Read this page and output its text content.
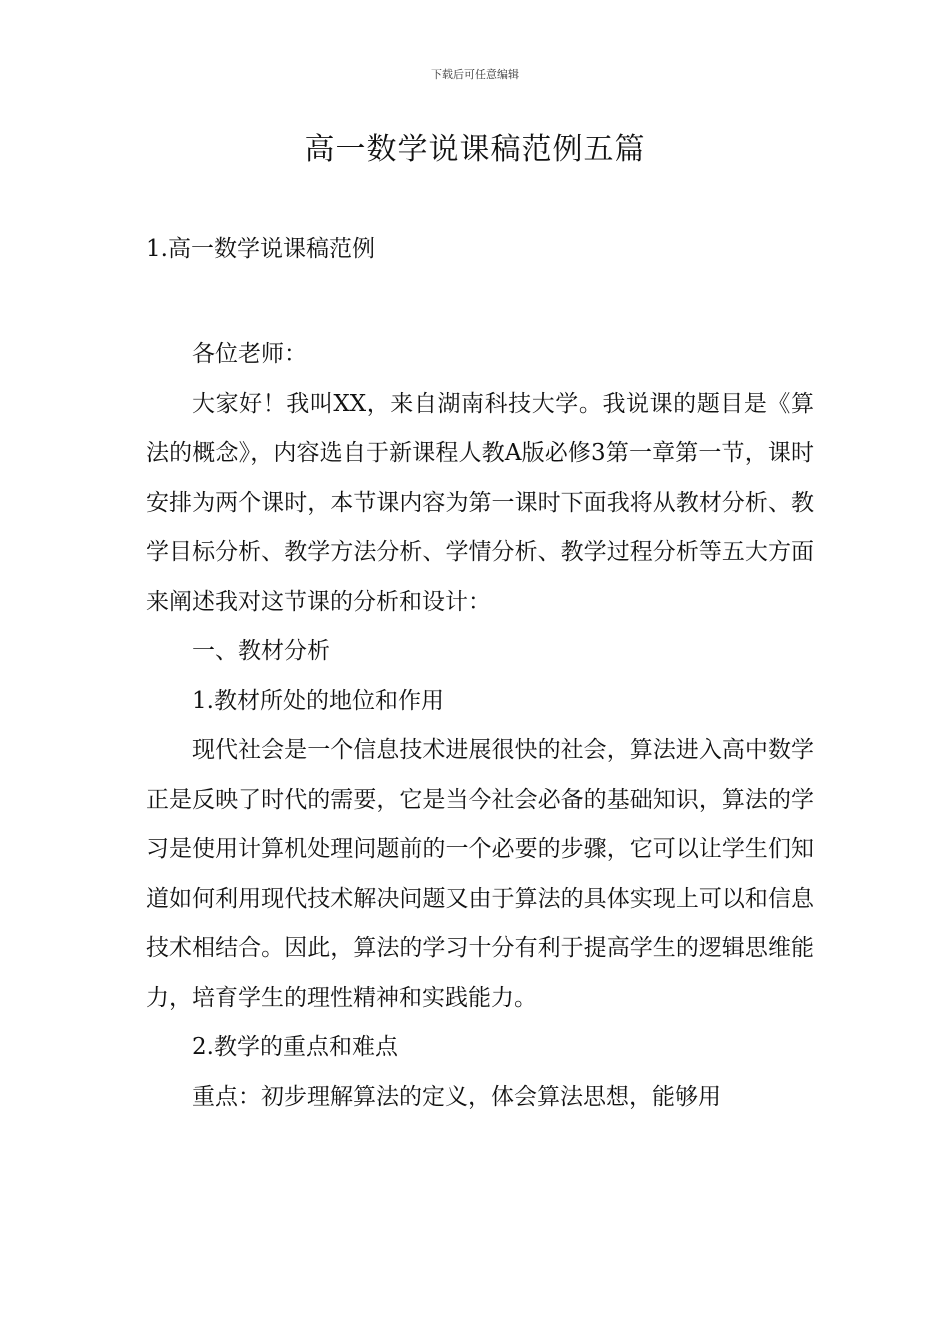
下载后可任意编辑
高一数学说课稿范例五篇
1.高一数学说课稿范例

各位老师：

大家好！我叫XX，来自湖南科技大学。我说课的题目是《算法的概念》，内容选自于新课程人教A版必修3第一章第一节，课时安排为两个课时，本节课内容为第一课时下面我将从教材分析、教学目标分析、教学方法分析、学情分析、教学过程分析等五大方面来阐述我对这节课的分析和设计：

一、教材分析

1.教材所处的地位和作用

现代社会是一个信息技术进展很快的社会，算法进入高中数学正是反映了时代的需要，它是当今社会必备的基础知识，算法的学习是使用计算机处理问题前的一个必要的步骤，它可以让学生们知道如何利用现代技术解决问题又由于算法的具体实现上可以和信息技术相结合。因此，算法的学习十分有利于提高学生的逻辑思维能力，培育学生的理性精神和实践能力。

2.教学的重点和难点

重点：初步理解算法的定义，体会算法思想，能够用
